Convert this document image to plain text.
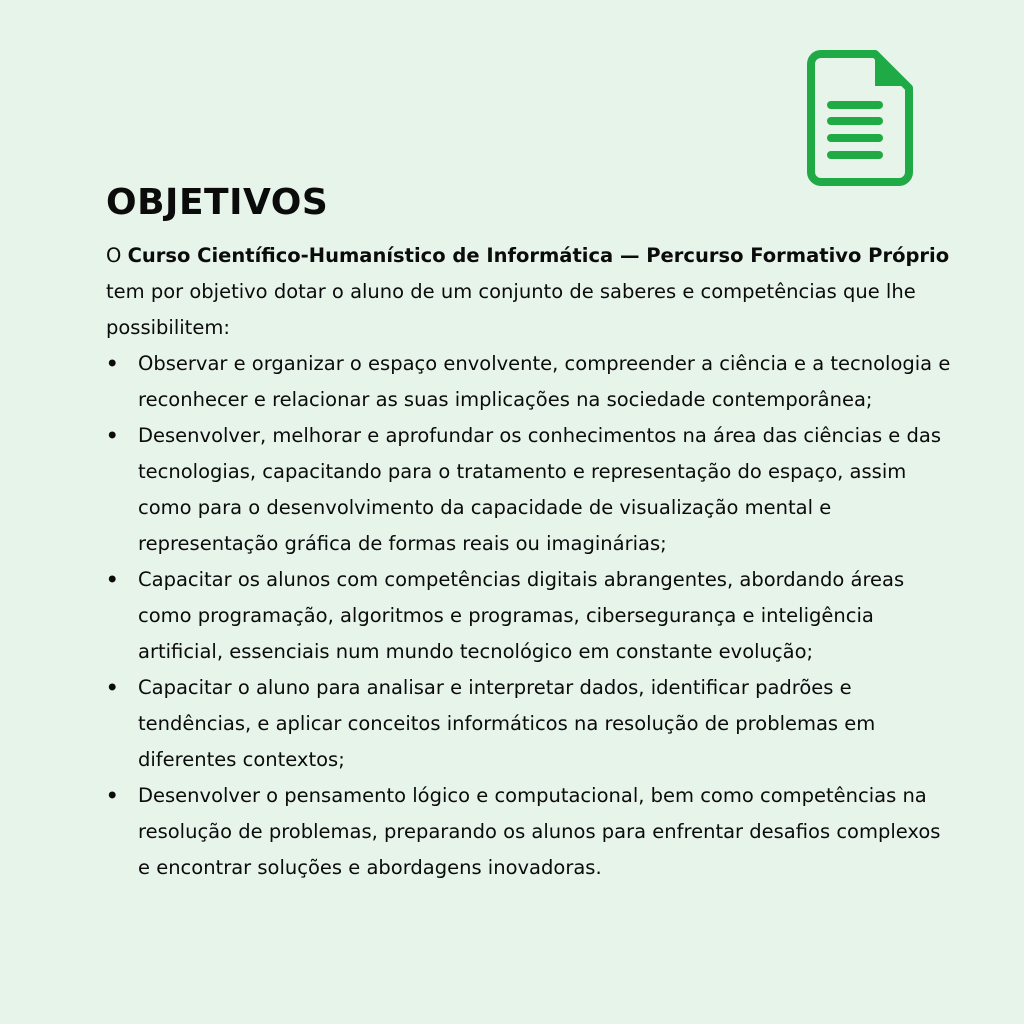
OBJETIVOS

O Curso Científico-Humanístico de Informática — Percurso Formativo Próprio
tem por objetivo dotar o aluno de um conjunto de saberes e competências que lhe possibilitem:

•	Observar e organizar o espaço envolvente, compreender a ciência e a tecnologia e reconhecer e relacionar as suas implicações na sociedade contemporânea;
•	Desenvolver, melhorar e aprofundar os conhecimentos na área das ciências e das tecnologias, capacitando para o tratamento e representação do espaço, assim como para o desenvolvimento da capacidade de visualização mental e representação gráfica de formas reais ou imaginárias;
•	Capacitar os alunos com competências digitais abrangentes, abordando áreas como programação, algoritmos e programas, cibersegurança e inteligência artificial, essenciais num mundo tecnológico em constante evolução;
•	Capacitar o aluno para analisar e interpretar dados, identificar padrões e tendências, e aplicar conceitos informáticos na resolução de problemas em diferentes contextos;
•	Desenvolver o pensamento lógico e computacional, bem como competências na resolução de problemas, preparando os alunos para enfrentar desafios complexos e encontrar soluções e abordagens inovadoras.
